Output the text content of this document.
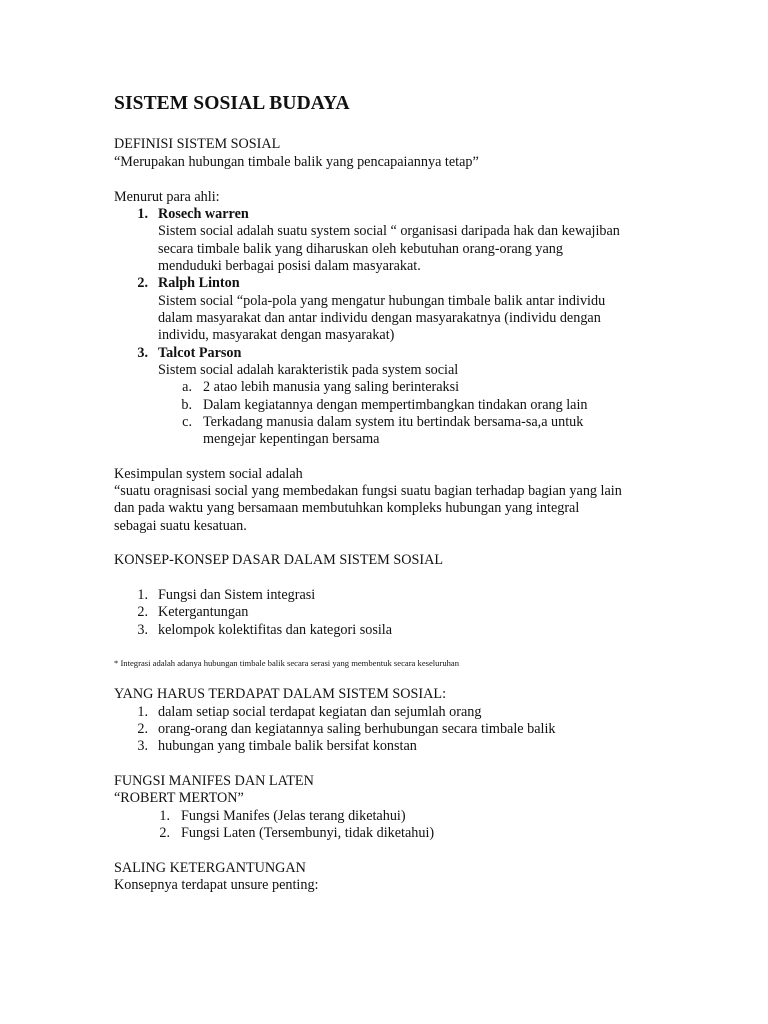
SISTEM SOSIAL BUDAYA
DEFINISI SISTEM SOSIAL
“Merupakan hubungan timbale balik yang pencapaiannya tetap”
Menurut para ahli:
1. Rosech warren
Sistem social adalah suatu system social “ organisasi daripada hak dan kewajiban
secara timbale balik yang diharuskan oleh kebutuhan orang-orang yang
menduduki berbagai posisi dalam masyarakat.
2. Ralph Linton
Sistem social “pola-pola yang mengatur hubungan timbale balik antar individu
dalam masyarakat dan antar individu dengan masyarakatnya (individu dengan
individu, masyarakat dengan masyarakat)
3. Talcot Parson
Sistem social adalah karakteristik pada system social
a. 2 atao lebih manusia yang saling berinteraksi
b. Dalam kegiatannya dengan mempertimbangkan tindakan orang lain
c. Terkadang manusia dalam system itu bertindak bersama-sa,a untuk
mengejar kepentingan bersama
Kesimpulan system social adalah
“suatu oragnisasi social yang membedakan fungsi suatu bagian terhadap bagian yang lain
dan pada waktu yang bersamaan membutuhkan kompleks hubungan yang integral
sebagai suatu kesatuan.
KONSEP-KONSEP DASAR DALAM SISTEM SOSIAL
1. Fungsi dan Sistem integrasi
2. Ketergantungan
3. kelompok kolektifitas dan kategori sosila
* Integrasi adalah adanya hubungan timbale balik secara serasi yang membentuk secara keseluruhan
YANG HARUS TERDAPAT DALAM SISTEM SOSIAL:
1. dalam setiap social terdapat kegiatan dan sejumlah orang
2. orang-orang dan kegiatannya saling berhubungan secara timbale balik
3. hubungan yang timbale balik bersifat konstan
FUNGSI MANIFES DAN LATEN
“ROBERT MERTON”
1. Fungsi Manifes (Jelas terang diketahui)
2. Fungsi Laten (Tersembunyi, tidak diketahui)
SALING KETERGANTUNGAN
Konsepnya terdapat unsure penting:
